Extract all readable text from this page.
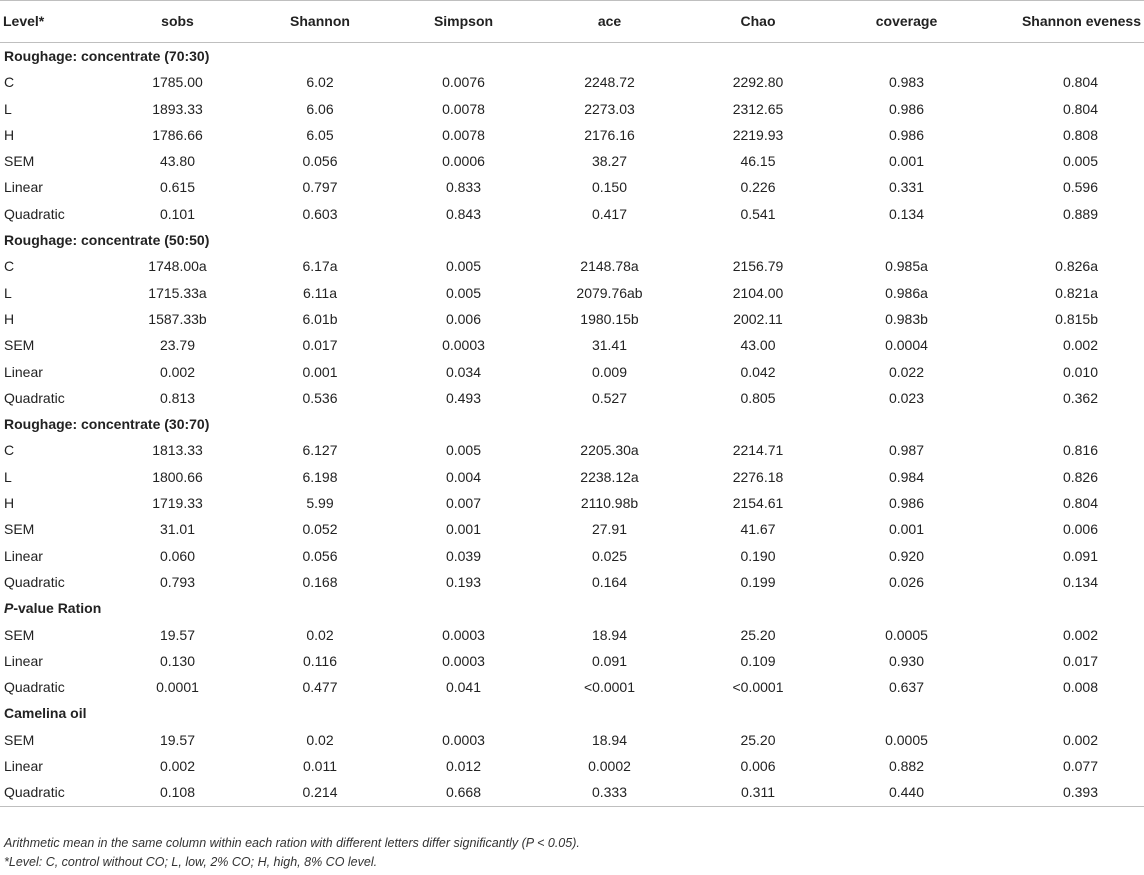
Level*	sobs	Shannon	Simpson	ace	Chao	coverage	Shannon eveness
Roughage: concentrate (70:30)							
C	1785.00	6.02	0.0076	2248.72	2292.80	0.983	0.804
L	1893.33	6.06	0.0078	2273.03	2312.65	0.986	0.804
H	1786.66	6.05	0.0078	2176.16	2219.93	0.986	0.808
SEM	43.80	0.056	0.0006	38.27	46.15	0.001	0.005
Linear	0.615	0.797	0.833	0.150	0.226	0.331	0.596
Quadratic	0.101	0.603	0.843	0.417	0.541	0.134	0.889
Roughage: concentrate (50:50)							
C	1748.00a	6.17a	0.005	2148.78a	2156.79	0.985a	0.826a
L	1715.33a	6.11a	0.005	2079.76ab	2104.00	0.986a	0.821a
H	1587.33b	6.01b	0.006	1980.15b	2002.11	0.983b	0.815b
SEM	23.79	0.017	0.0003	31.41	43.00	0.0004	0.002
Linear	0.002	0.001	0.034	0.009	0.042	0.022	0.010
Quadratic	0.813	0.536	0.493	0.527	0.805	0.023	0.362
Roughage: concentrate (30:70)							
C	1813.33	6.127	0.005	2205.30a	2214.71	0.987	0.816
L	1800.66	6.198	0.004	2238.12a	2276.18	0.984	0.826
H	1719.33	5.99	0.007	2110.98b	2154.61	0.986	0.804
SEM	31.01	0.052	0.001	27.91	41.67	0.001	0.006
Linear	0.060	0.056	0.039	0.025	0.190	0.920	0.091
Quadratic	0.793	0.168	0.193	0.164	0.199	0.026	0.134
P-value Ration							
SEM	19.57	0.02	0.0003	18.94	25.20	0.0005	0.002
Linear	0.130	0.116	0.0003	0.091	0.109	0.930	0.017
Quadratic	0.0001	0.477	0.041	<0.0001	<0.0001	0.637	0.008
Camelina oil							
SEM	19.57	0.02	0.0003	18.94	25.20	0.0005	0.002
Linear	0.002	0.011	0.012	0.0002	0.006	0.882	0.077
Quadratic	0.108	0.214	0.668	0.333	0.311	0.440	0.393

Arithmetic mean in the same column within each ration with different letters differ significantly (P < 0.05).

*Level: C, control without CO; L, low, 2% CO; H, high, 8% CO level.
